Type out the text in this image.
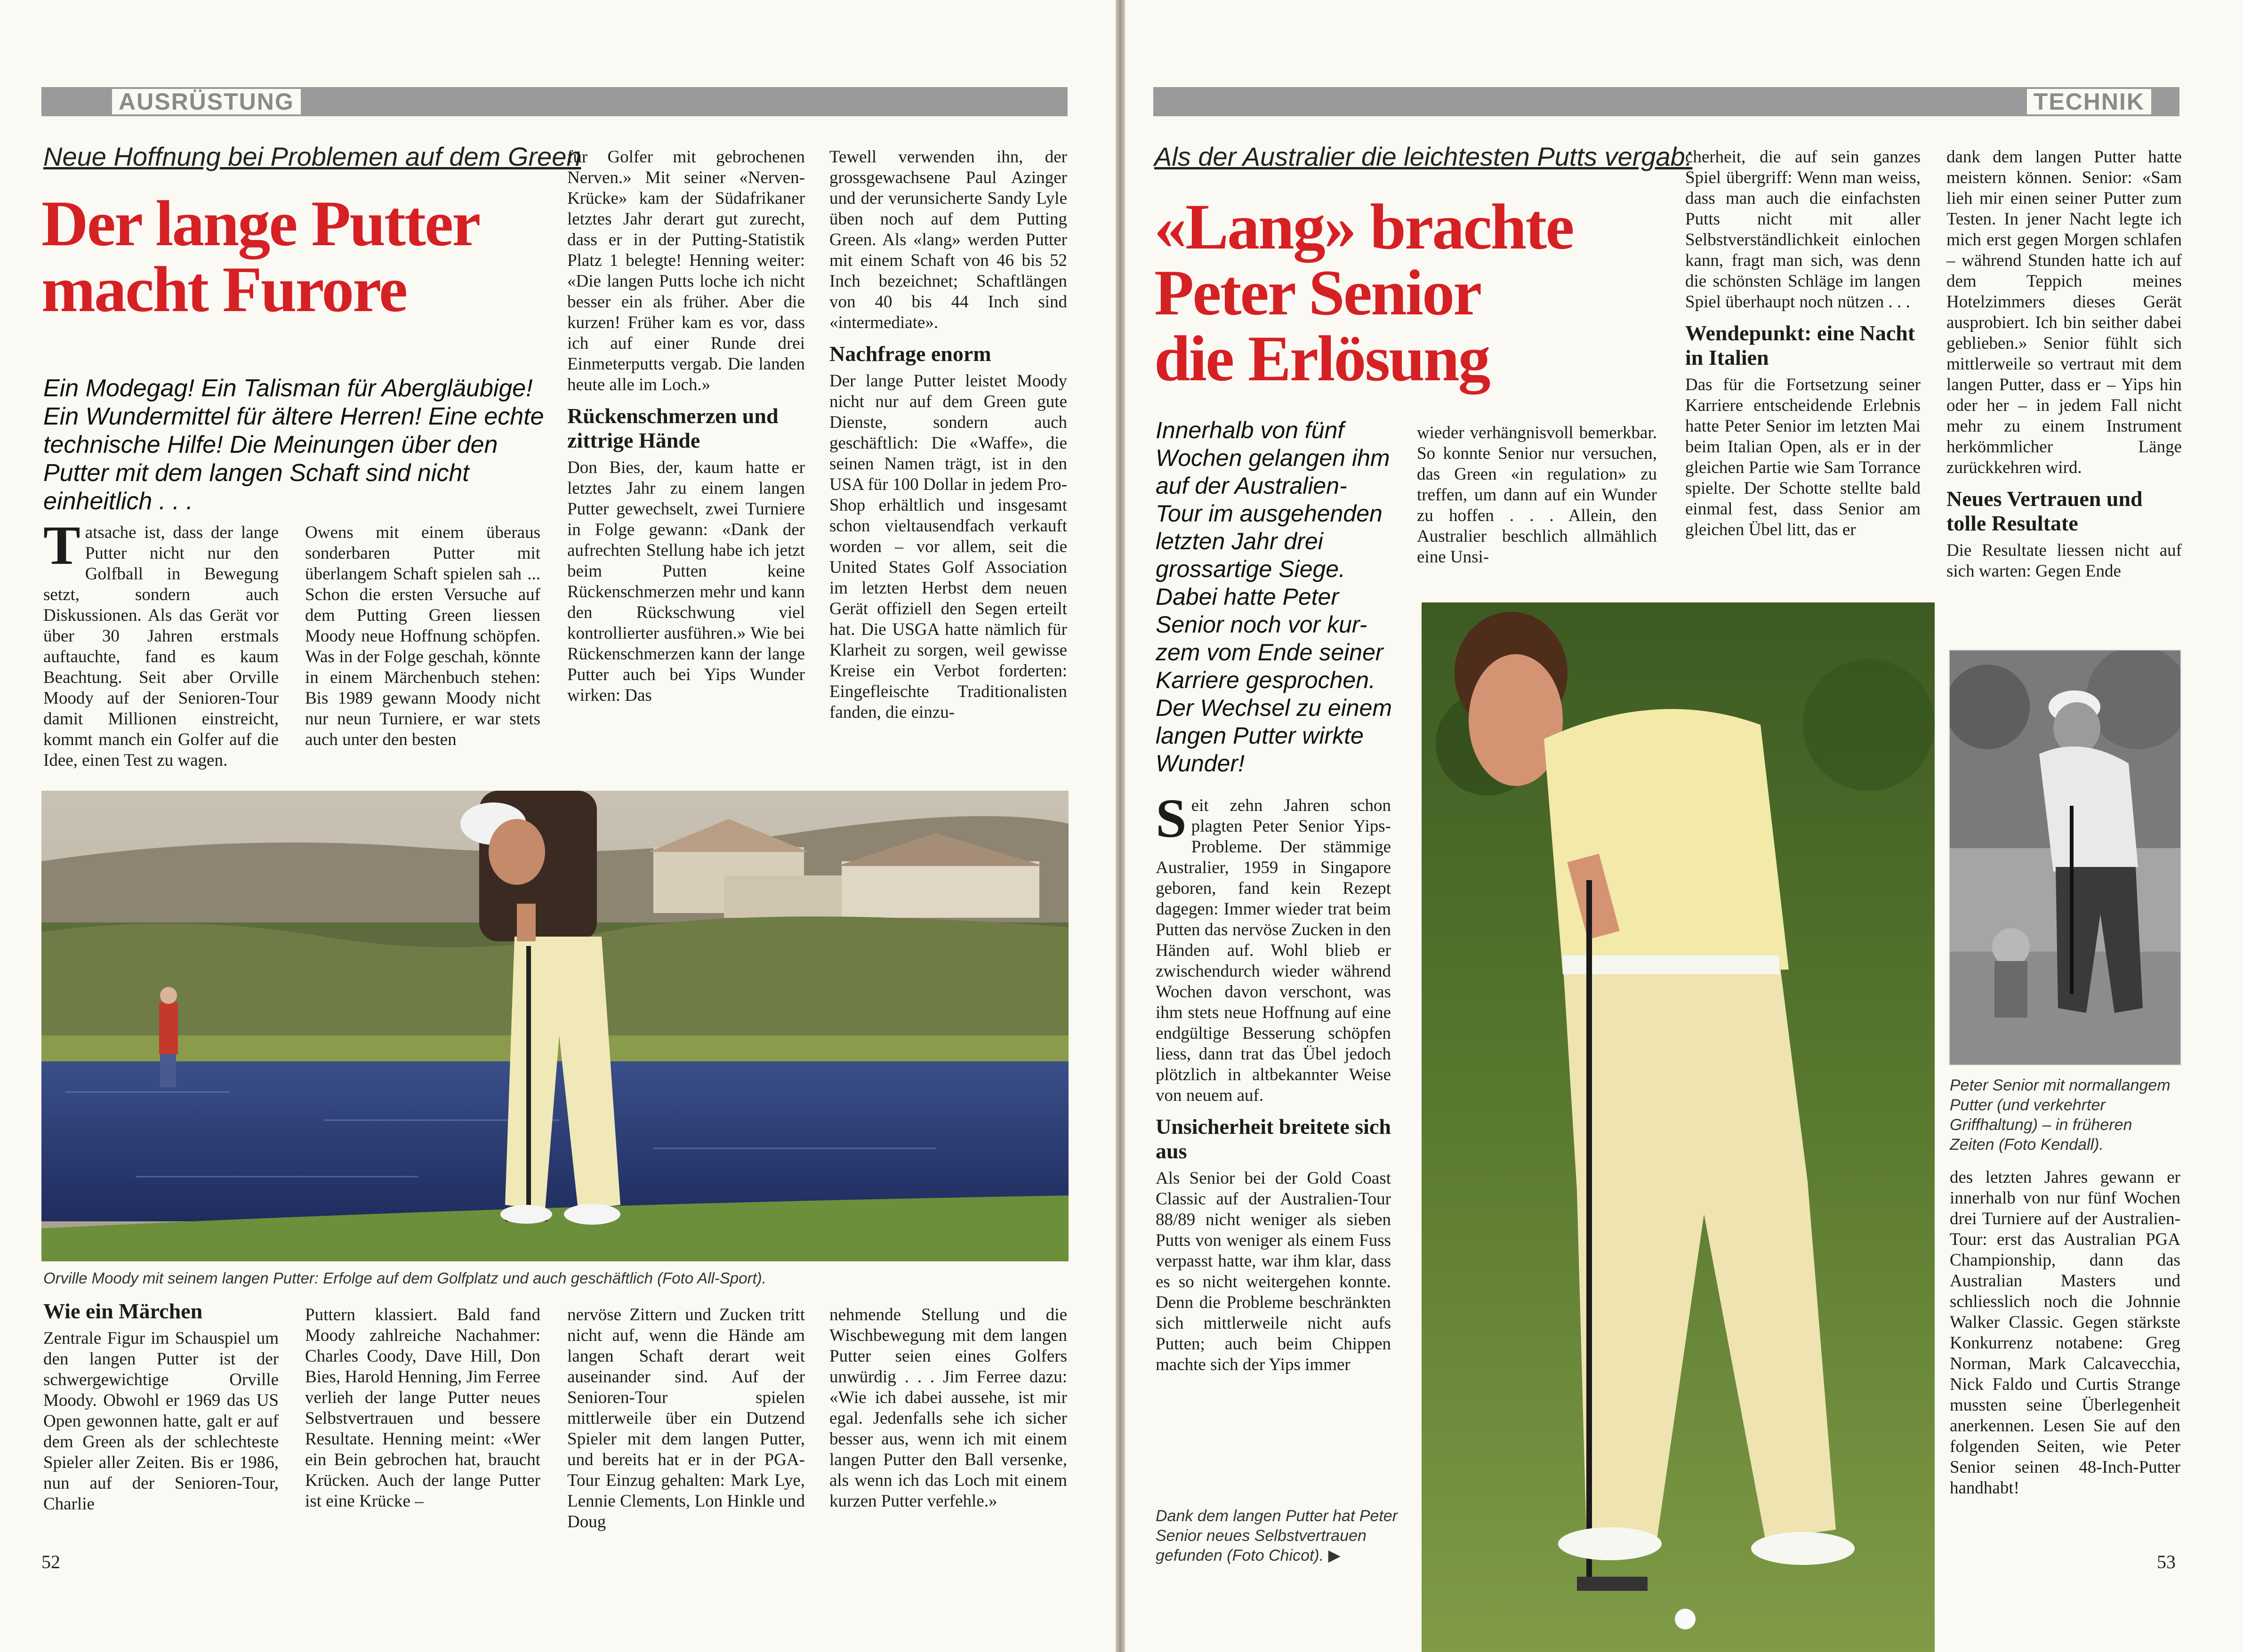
AUSRÜSTUNG
Neue Hoffnung bei Problemen auf dem Green
Der lange Putter
macht Furore
Ein Modegag! Ein Talisman für Abergläubige!
Ein Wundermittel für ältere Herren! Eine echte
technische Hilfe! Die Meinungen über den
Putter mit dem langen Schaft sind nicht
einheitlich . . .
T atsache ist, dass der lange Putter nicht nur den Golfball in Bewegung setzt, sondern auch Diskussionen. Als das Gerät vor über 30 Jahren erstmals auftauchte, fand es kaum Beachtung. Seit aber Orville Moody auf der Senioren-Tour damit Millionen einstreicht, kommt manch ein Golfer auf die Idee, einen Test zu wagen.
Owens mit einem überaus sonderbaren Putter mit überlangem Schaft spielen sah ... Schon die ersten Versuche auf dem Putting Green liessen Moody neue Hoffnung schöpfen. Was in der Folge geschah, könnte in einem Märchenbuch stehen: Bis 1989 gewann Moody nicht nur neun Turniere, er war stets auch unter den besten

für Golfer mit gebrochenen Nerven.» Mit seiner «Nerven-Krücke» kam der Südafrikaner letztes Jahr derart gut zurecht, dass er in der Putting-Statistik Platz 1 belegte! Henning weiter: «Die langen Putts loche ich nicht besser ein als früher. Aber die kurzen! Früher kam es vor, dass ich auf einer Runde drei Einmeterputts vergab. Die landen heute alle im Loch.»

Rückenschmerzen und zittrige Hände

Don Bies, der, kaum hatte er letztes Jahr zu einem langen Putter gewechselt, zwei Turniere in Folge gewann: «Dank der aufrechten Stellung habe ich jetzt beim Putten keine Rückenschmerzen mehr und kann den Rückschwung viel kontrollierter ausführen.» Wie bei Rückenschmerzen kann der lange Putter auch bei Yips Wunder wirken: Das

Tewell verwenden ihn, der grossgewachsene Paul Azinger und der verunsicherte Sandy Lyle üben noch auf dem Putting Green. Als «lang» werden Putter mit einem Schaft von 46 bis 52 Inch bezeichnet; Schaftlängen von 40 bis 44 Inch sind «intermediate».

Nachfrage enorm

Der lange Putter leistet Moody nicht nur auf dem Green gute Dienste, sondern auch geschäftlich: Die «Waffe», die seinen Namen trägt, ist in den USA für 100 Dollar in jedem Pro-Shop erhältlich und insgesamt schon vieltausendfach verkauft worden – vor allem, seit die United States Golf Association im letzten Herbst dem neuen Gerät offiziell den Segen erteilt hat. Die USGA hatte nämlich für Klarheit zu sorgen, weil gewisse Kreise ein Verbot forderten: Eingefleischte Traditionalisten fanden, die einzu-

Orville Moody mit seinem langen Putter: Erfolge auf dem Golfplatz und auch geschäftlich (Foto All-Sport).
Wie ein Märchen

Zentrale Figur im Schauspiel um den langen Putter ist der schwergewichtige Orville Moody. Obwohl er 1969 das US Open gewonnen hatte, galt er auf dem Green als der schlechteste Spieler aller Zeiten. Bis er 1986, nun auf der Senioren-Tour, Charlie

Puttern klassiert. Bald fand Moody zahlreiche Nachahmer: Charles Coody, Dave Hill, Don Bies, Harold Henning, Jim Ferree verlieh der lange Putter neues Selbstvertrauen und bessere Resultate. Henning meint: «Wer ein Bein gebrochen hat, braucht Krücken. Auch der lange Putter ist eine Krücke –

nervöse Zittern und Zucken tritt nicht auf, wenn die Hände am langen Schaft derart weit auseinander sind. Auf der Senioren-Tour spielen mittlerweile über ein Dutzend Spieler mit dem langen Putter, und bereits hat er in der PGA-Tour Einzug gehalten: Mark Lye, Lennie Clements, Lon Hinkle und Doug

nehmende Stellung und die Wischbewegung mit dem langen Putter seien eines Golfers unwürdig . . . Jim Ferree dazu: «Wie ich dabei aussehe, ist mir egal. Jedenfalls sehe ich sicher besser aus, wenn ich mit einem langen Putter den Ball versenke, als wenn ich das Loch mit einem kurzen Putter verfehle.»

52
TECHNIK
Als der Australier die leichtesten Putts vergab:
«Lang» brachte
Peter Senior
die Erlösung
Innerhalb von fünf
Wochen gelangen ihm
auf der Australien-
Tour im ausgehenden
letzten Jahr drei
grossartige Siege.
Dabei hatte Peter
Senior noch vor kur-
zem vom Ende seiner
Karriere gesprochen.
Der Wechsel zu einem
langen Putter wirkte
Wunder!
S eit zehn Jahren schon plagten Peter Senior Yips-Probleme. Der stämmige Australier, 1959 in Singapore geboren, fand kein Rezept dagegen: Immer wieder trat beim Putten das nervöse Zucken in den Händen auf. Wohl blieb er zwischendurch wieder während Wochen davon verschont, was ihm stets neue Hoffnung auf eine endgültige Besserung schöpfen liess, dann trat das Übel jedoch plötzlich in altbekannter Weise von neuem auf.
Unsicherheit breitete sich aus

Als Senior bei der Gold Coast Classic auf der Australien-Tour 88/89 nicht weniger als sieben Putts von weniger als einem Fuss verpasst hatte, war ihm klar, dass es so nicht weitergehen konnte. Denn die Probleme beschränkten sich mittlerweile nicht aufs Putten; auch beim Chippen machte sich der Yips immer

wieder verhängnisvoll bemerkbar. So konnte Senior nur versuchen, das Green «in regulation» zu treffen, um dann auf ein Wunder zu hoffen . . . Allein, den Australier beschlich allmählich eine Unsi-

cherheit, die auf sein ganzes Spiel übergriff: Wenn man weiss, dass man auch die einfachsten Putts nicht mit aller Selbstverständlichkeit einlochen kann, fragt man sich, was denn die schönsten Schläge im langen Spiel überhaupt noch nützen . . .

Wendepunkt: eine Nacht in Italien

Das für die Fortsetzung seiner Karriere entscheidende Erlebnis hatte Peter Senior im letzten Mai beim Italian Open, als er in der gleichen Partie wie Sam Torrance spielte. Der Schotte stellte bald einmal fest, dass Senior am gleichen Übel litt, das er

dank dem langen Putter hatte meistern können. Senior: «Sam lieh mir einen seiner Putter zum Testen. In jener Nacht legte ich mich erst gegen Morgen schlafen – während Stunden hatte ich auf dem Teppich meines Hotelzimmers dieses Gerät ausprobiert. Ich bin seither dabei geblieben.» Senior fühlt sich mittlerweile so vertraut mit dem langen Putter, dass er – Yips hin oder her – in jedem Fall nicht mehr zu einem Instrument herkömmlicher Länge zurückkehren wird.

Neues Vertrauen und tolle Resultate

Die Resultate liessen nicht auf sich warten: Gegen Ende

Dank dem langen Putter hat Peter Senior neues Selbstvertrauen gefunden (Foto Chicot). ▶
Peter Senior mit normallangem Putter (und verkehrter Griffhaltung) – in früheren Zeiten (Foto Kendall).

des letzten Jahres gewann er innerhalb von nur fünf Wochen drei Turniere auf der Australien-Tour: erst das Australian PGA Championship, dann das Australian Masters und schliesslich noch die Johnnie Walker Classic. Gegen stärkste Konkurrenz notabene: Greg Norman, Mark Calcavecchia, Nick Faldo und Curtis Strange mussten seine Überlegenheit anerkennen. Lesen Sie auf den folgenden Seiten, wie Peter Senior seinen 48-Inch-Putter handhabt!

53
